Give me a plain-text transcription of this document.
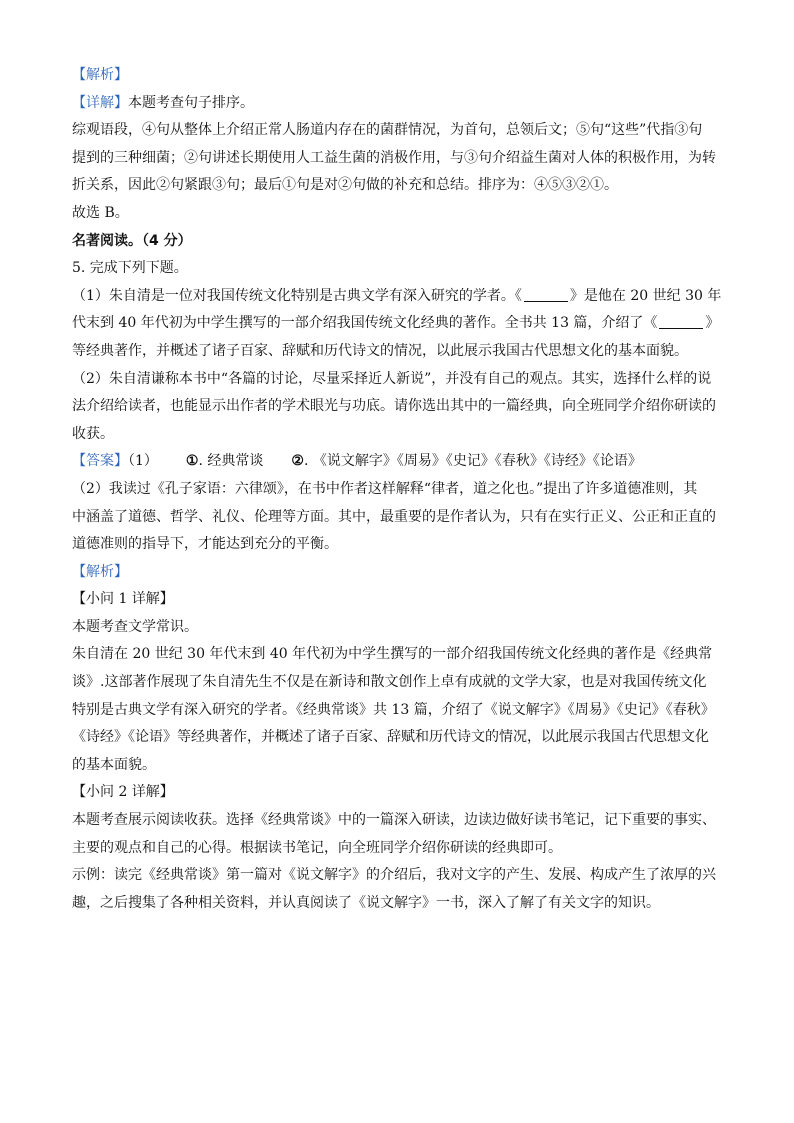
【解析】

【详解】本题考查句子排序。

综观语段，④句从整体上介绍正常人肠道内存在的菌群情况，为首句，总领后文；⑤句“这些”代指③句

提到的三种细菌；②句讲述长期使用人工益生菌的消极作用，与③句介绍益生菌对人体的积极作用，为转

折关系，因此②句紧跟③句；最后①句是对②句做的补充和总结。排序为：④⑤③②①。

故选 B。

名著阅读。（4 分）

5. 完成下列下题。

（1）朱自清是一位对我国传统文化特别是古典文学有深入研究的学者。《	》是他在 20 世纪 30 年

代末到 40 年代初为中学生撰写的一部介绍我国传统文化经典的著作。全书共 13 篇，介绍了《	》

等经典著作，并概述了诸子百家、辞赋和历代诗文的情况，以此展示我国古代思想文化的基本面貌。

（2）朱自清谦称本书中“各篇的讨论，尽量采择近人新说”，并没有自己的观点。其实，选择什么样的说

法介绍给读者，也能显示出作者的学术眼光与功底。请你选出其中的一篇经典，向全班同学介绍你研读的

收获。

【答案】（1） ①. 经典常谈 ②. 《说文解字》《周易》《史记》《春秋》《诗经》《论语》

（2）我读过《孔子家语：六律颂》，在书中作者这样解释“律者，道之化也。”提出了许多道德准则，其

中涵盖了道德、哲学、礼仪、伦理等方面。其中，最重要的是作者认为，只有在实行正义、公正和正直的

道德准则的指导下，才能达到充分的平衡。

【解析】

【小问 1 详解】

本题考查文学常识。

朱自清在 20 世纪 30 年代末到 40 年代初为中学生撰写的一部介绍我国传统文化经典的著作是《经典常

谈》.这部著作展现了朱自清先生不仅是在新诗和散文创作上卓有成就的文学大家，也是对我国传统文化

特别是古典文学有深入研究的学者。《经典常谈》共 13 篇，介绍了《说文解字》《周易》《史记》《春秋》

《诗经》《论语》等经典著作，并概述了诸子百家、辞赋和历代诗文的情况，以此展示我国古代思想文化

的基本面貌。

【小问 2 详解】

本题考查展示阅读收获。选择《经典常谈》中的一篇深入研读，边读边做好读书笔记，记下重要的事实、

主要的观点和自己的心得。根据读书笔记，向全班同学介绍你研读的经典即可。

示例：读完《经典常谈》第一篇对《说文解字》的介绍后，我对文字的产生、发展、构成产生了浓厚的兴

趣，之后搜集了各种相关资料，并认真阅读了《说文解字》一书，深入了解了有关文字的知识。
